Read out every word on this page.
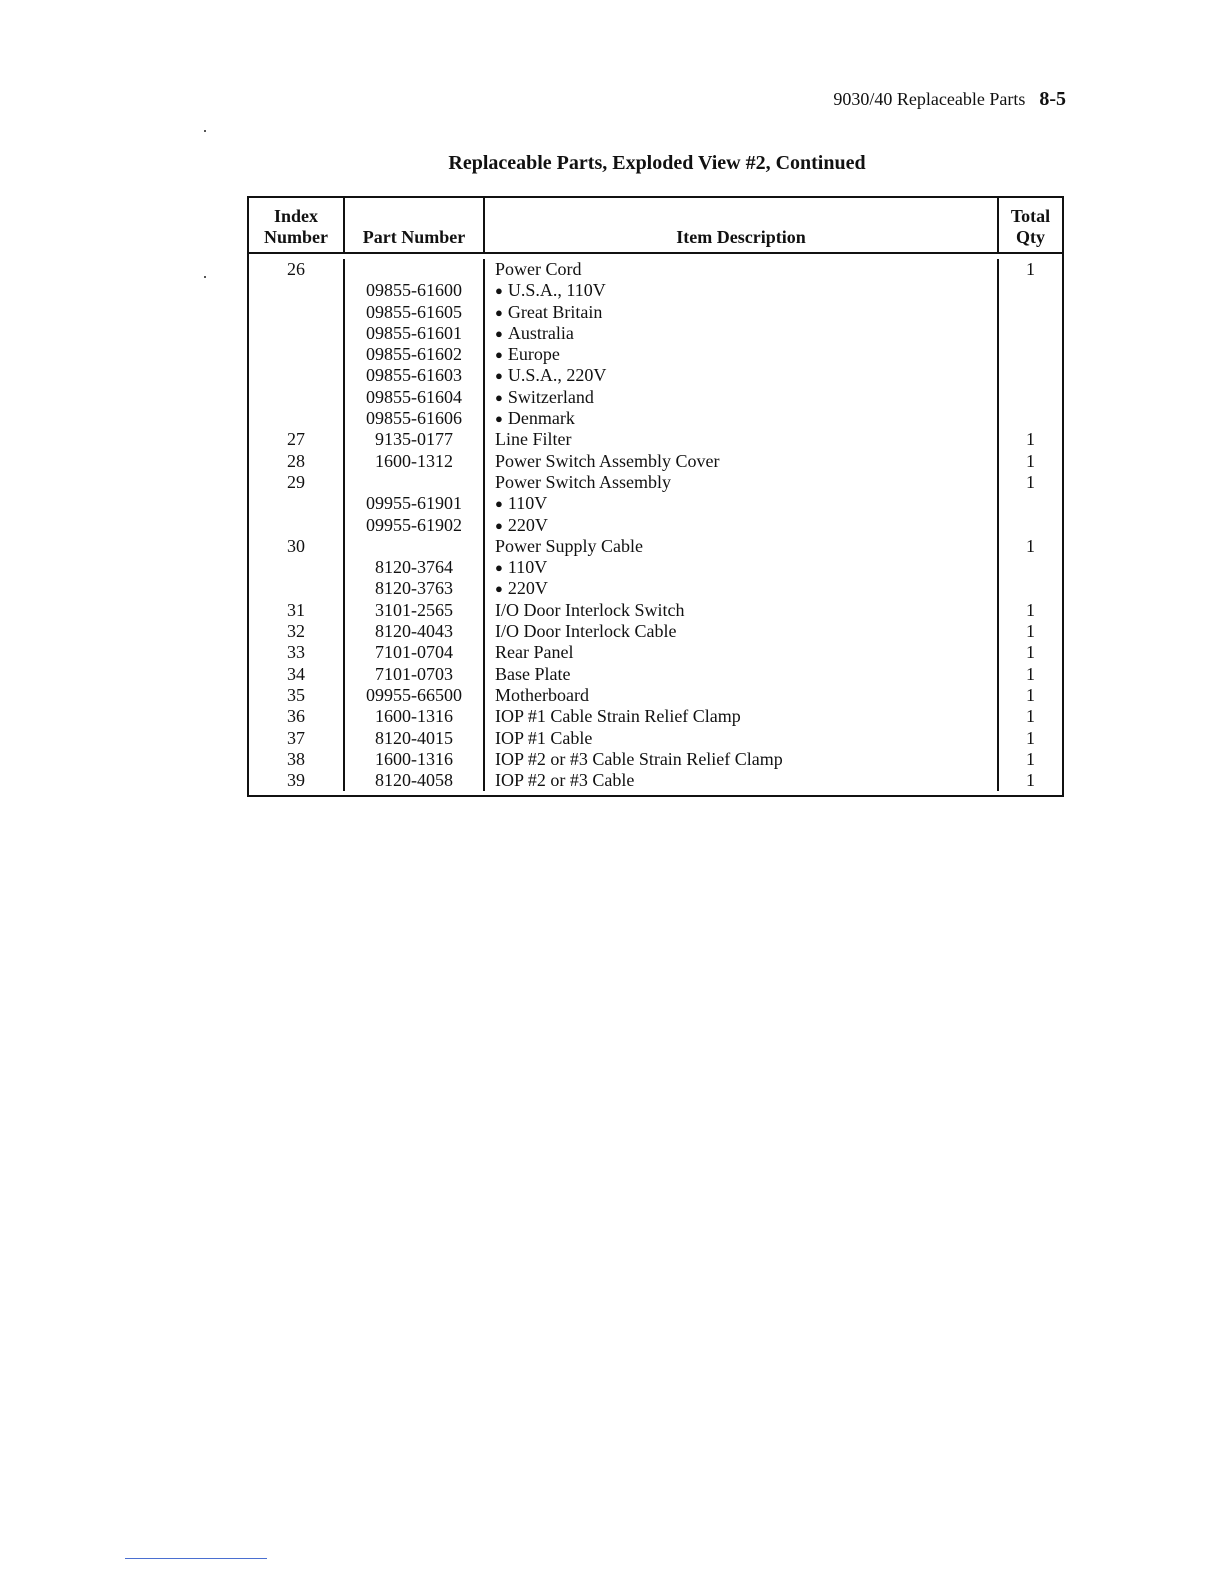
9030/40 Replaceable Parts 8-5
Replaceable Parts, Exploded View #2, Continued
Index
Number	Part Number	Item Description
Total
Qty
26
27
28
29
30
31
32
33
34
35
36
37
38
39
09855-61600
09855-61605
09855-61601
09855-61602
09855-61603
09855-61604
09855-61606
9135-0177
1600-1312
09955-61901
09955-61902
8120-3764
8120-3763
3101-2565
8120-4043
7101-0704
7101-0703
09955-66500
1600-1316
8120-4015
1600-1316
8120-4058
Power Cord
● U.S.A., 110V
● Great Britain
● Australia
● Europe
● U.S.A., 220V
● Switzerland
● Denmark
Line Filter
Power Switch Assembly Cover
Power Switch Assembly
● 110V
● 220V
Power Supply Cable
● 110V
● 220V
I/O Door Interlock Switch
I/O Door Interlock Cable
Rear Panel
Base Plate
Motherboard
IOP #1 Cable Strain Relief Clamp
IOP #1 Cable
IOP #2 or #3 Cable Strain Relief Clamp
IOP #2 or #3 Cable
1
1
1
1
1
1
1
1
1
1
1
1
1
1
